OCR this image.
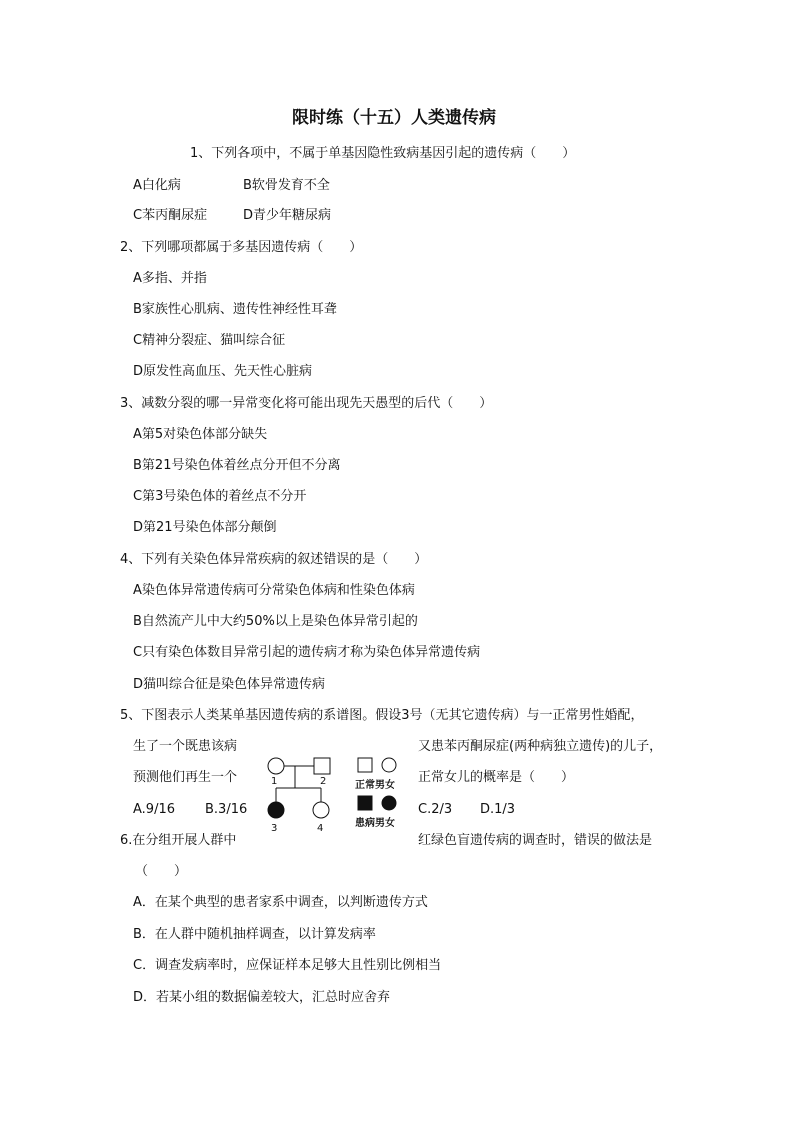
限时练（十五）人类遗传病
1、下列各项中，不属于单基因隐性致病基因引起的遗传病（　　）
A白化病	B软骨发育不全
C苯丙酮尿症	D青少年糖尿病
2、下列哪项都属于多基因遗传病（　　）
A多指、并指
B家族性心肌病、遗传性神经性耳聋
C精神分裂症、猫叫综合征
D原发性高血压、先天性心脏病
3、减数分裂的哪一异常变化将可能出现先天愚型的后代（　　）
A第5对染色体部分缺失
B第21号染色体着丝点分开但不分离
C第3号染色体的着丝点不分开
D第21号染色体部分颠倒
4、下列有关染色体异常疾病的叙述错误的是（　　）
A染色体异常遗传病可分常染色体病和性染色体病
B自然流产儿中大约50%以上是染色体异常引起的
C只有染色体数目异常引起的遗传病才称为染色体异常遗传病
D猫叫综合征是染色体异常遗传病
5、下图表示人类某单基因遗传病的系谱图。假设3号（无其它遗传病）与一正常男性婚配，
生了一个既患该病	又患苯丙酮尿症(两种病独立遗传)的儿子，
预测他们再生一个	正常女儿的概率是（　　）
A.9/16 B.3/16	C.2/3 D.1/3
1	2
3	4
正常男女
患病男女
6.在分组开展人群中	红绿色盲遗传病的调查时，错误的做法是
（　　）
A．在某个典型的患者家系中调查，以判断遗传方式
B．在人群中随机抽样调查，以计算发病率
C．调查发病率时，应保证样本足够大且性别比例相当
D．若某小组的数据偏差较大，汇总时应舍弃
